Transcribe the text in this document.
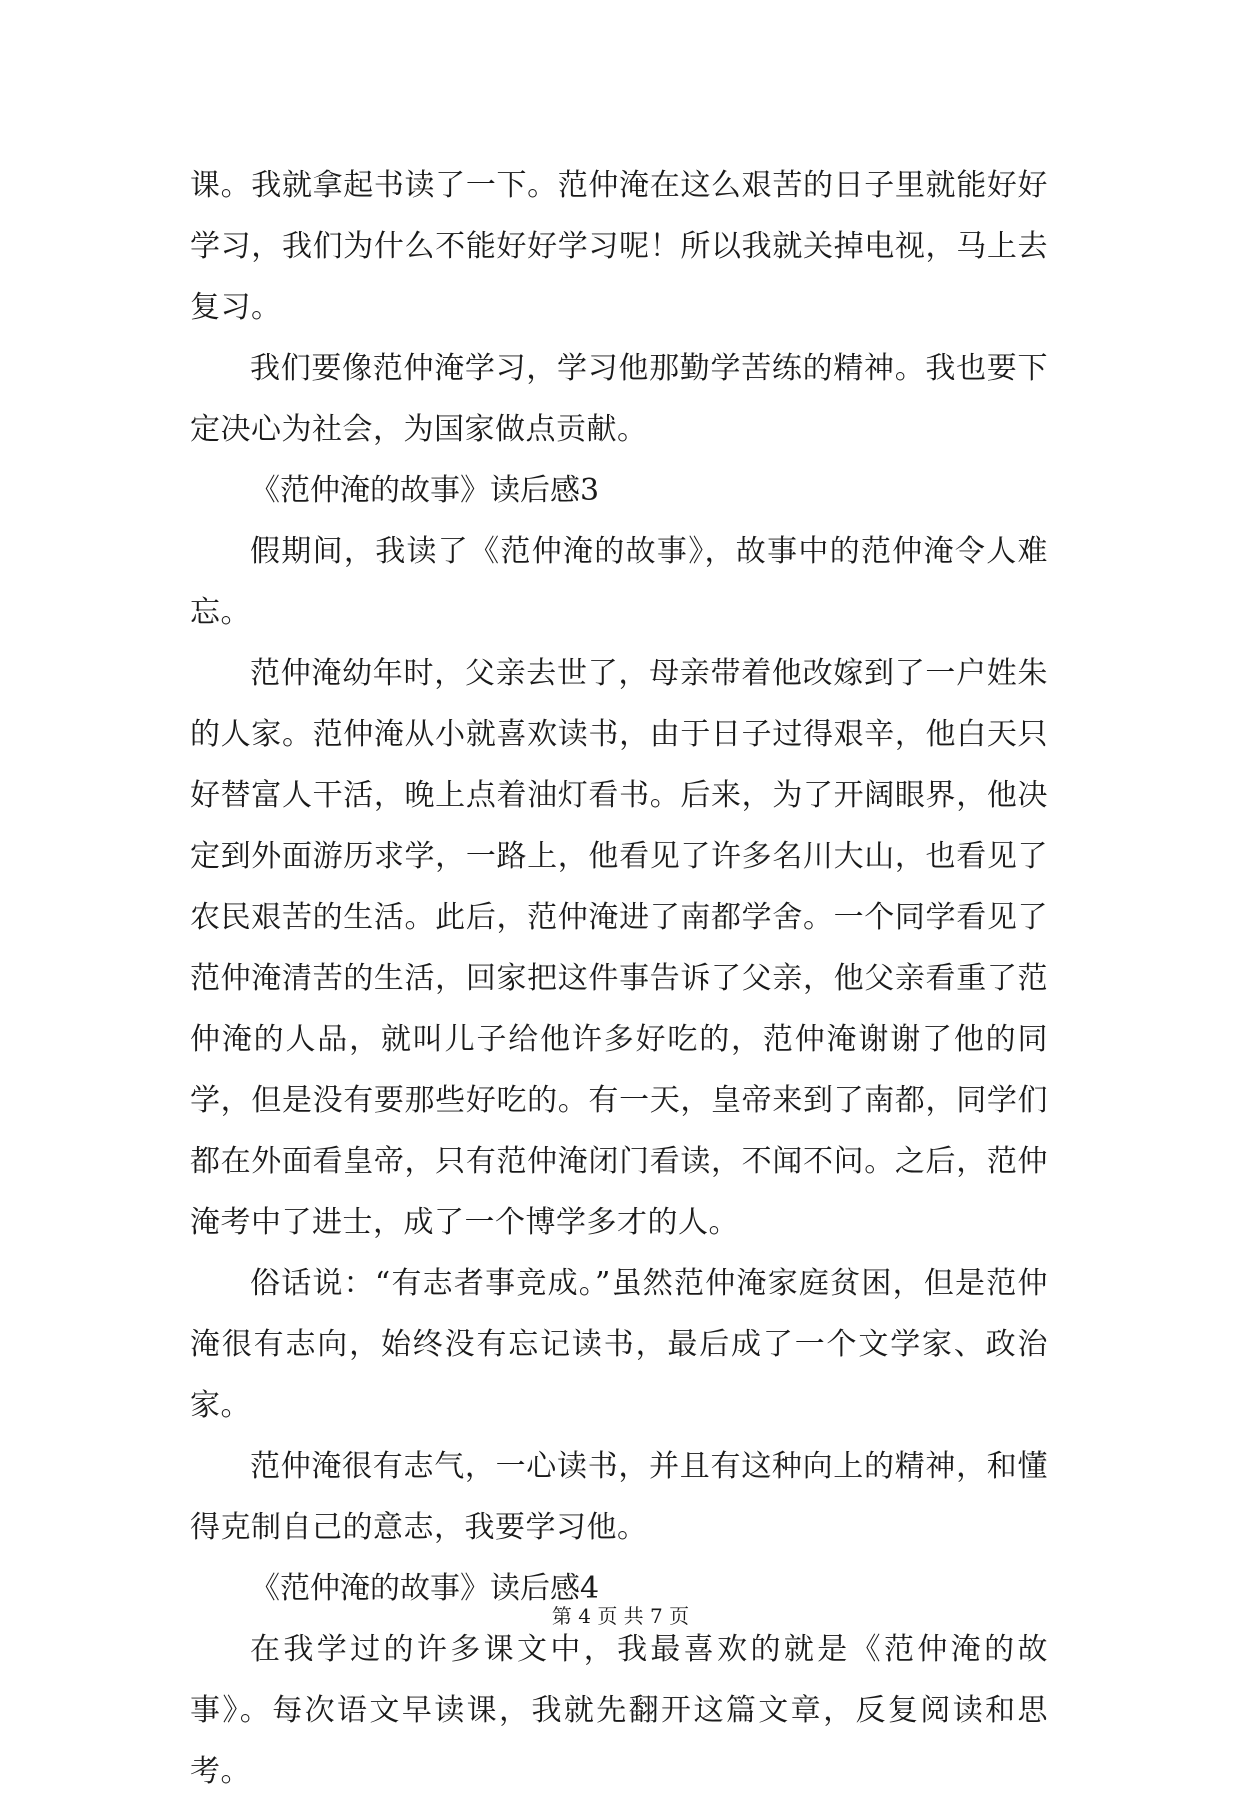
课。我就拿起书读了一下。范仲淹在这么艰苦的日子里就能好好学习，我们为什么不能好好学习呢！所以我就关掉电视，马上去复习。

我们要像范仲淹学习，学习他那勤学苦练的精神。我也要下定决心为社会，为国家做点贡献。

《范仲淹的故事》读后感3

假期间，我读了《范仲淹的故事》，故事中的范仲淹令人难忘。

范仲淹幼年时，父亲去世了，母亲带着他改嫁到了一户姓朱的人家。范仲淹从小就喜欢读书，由于日子过得艰辛，他白天只好替富人干活，晚上点着油灯看书。后来，为了开阔眼界，他决定到外面游历求学，一路上，他看见了许多名川大山，也看见了农民艰苦的生活。此后，范仲淹进了南都学舍。一个同学看见了范仲淹清苦的生活，回家把这件事告诉了父亲，他父亲看重了范仲淹的人品，就叫儿子给他许多好吃的，范仲淹谢谢了他的同学，但是没有要那些好吃的。有一天，皇帝来到了南都，同学们都在外面看皇帝，只有范仲淹闭门看读，不闻不问。之后，范仲淹考中了进士，成了一个博学多才的人。

俗话说：“有志者事竞成。”虽然范仲淹家庭贫困，但是范仲淹很有志向，始终没有忘记读书，最后成了一个文学家、政治家。

范仲淹很有志气，一心读书，并且有这种向上的精神，和懂得克制自己的意志，我要学习他。

《范仲淹的故事》读后感4

在我学过的许多课文中，我最喜欢的就是《范仲淹的故事》。每次语文早读课，我就先翻开这篇文章，反复阅读和思考。

第 4 页 共 7 页
